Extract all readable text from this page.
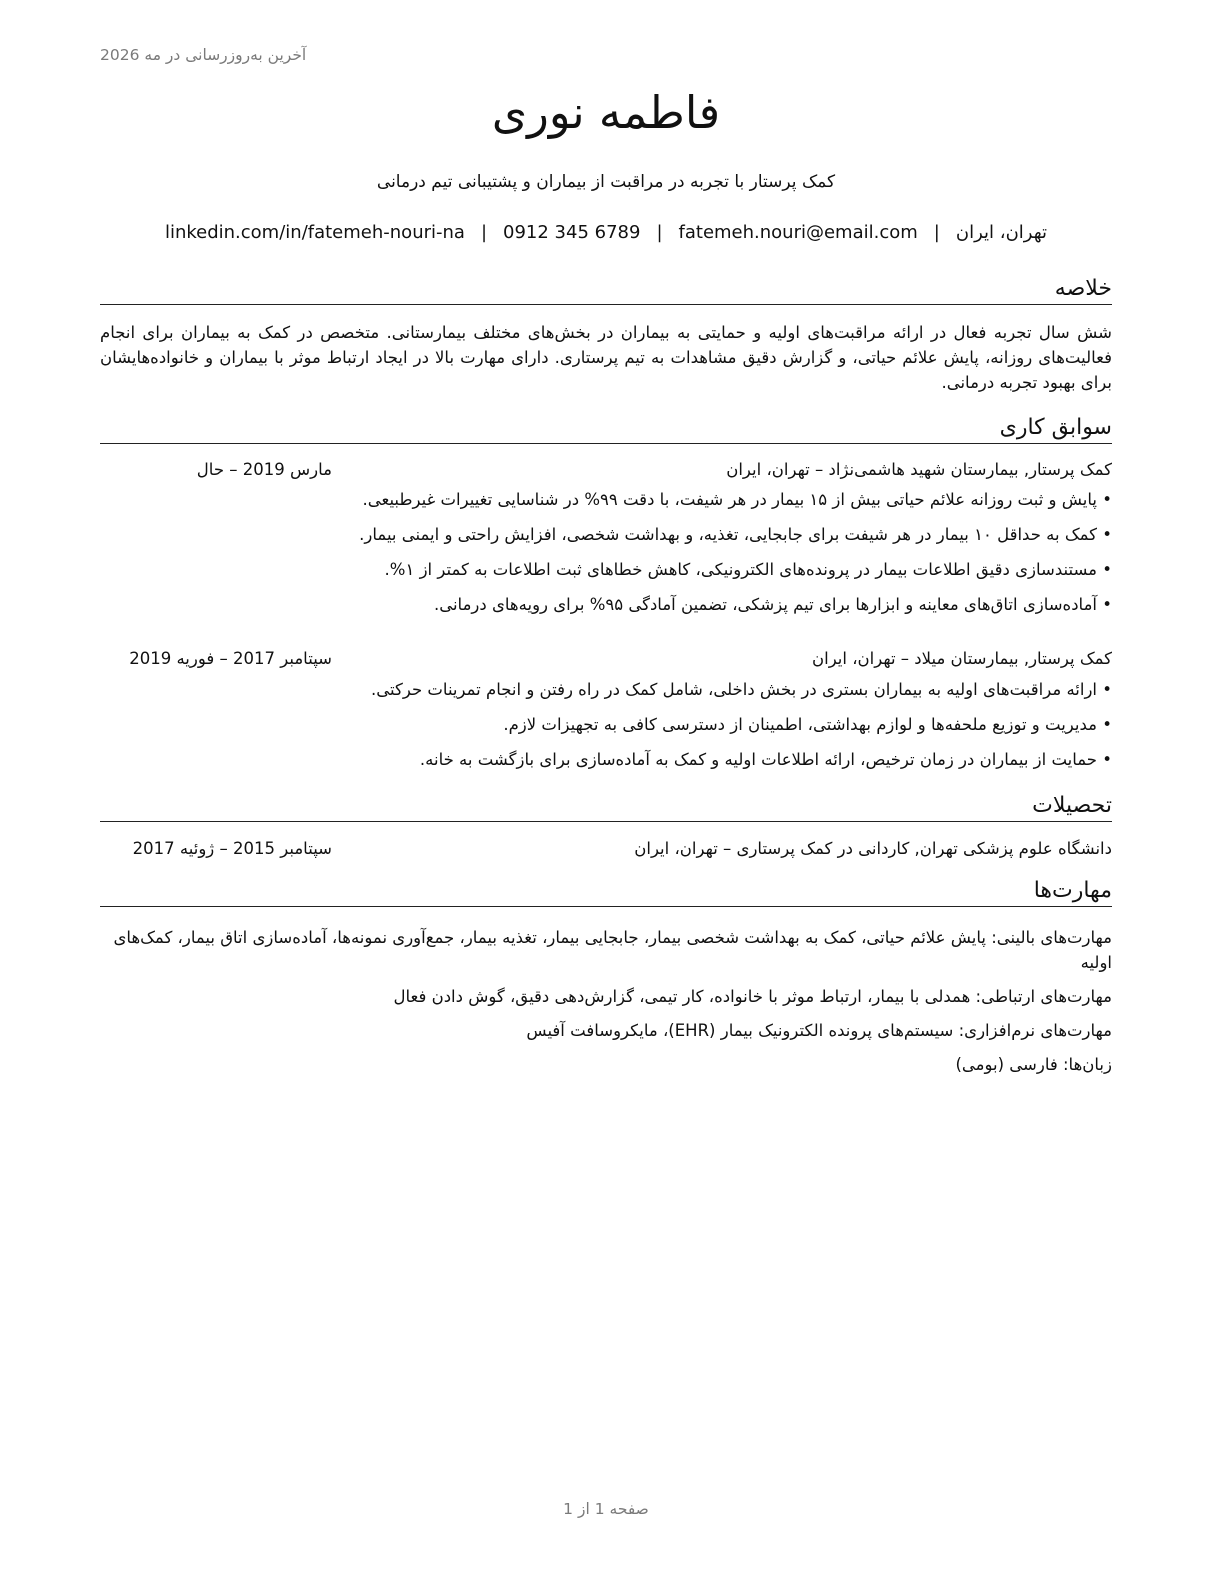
آخرین به‌روزرسانی در مه 2026
فاطمه نوری
کمک پرستار با تجربه در مراقبت از بیماران و پشتیبانی تیم درمانی
تهران، ایران|fatemeh.nouri@email.com|0912 345 6789|linkedin.com/in/fatemeh-nouri-na
خلاصه
شش سال تجربه فعال در ارائه مراقبت‌های اولیه و حمایتی به بیماران در بخش‌های مختلف بیمارستانی. متخصص در کمک به بیماران برای انجام فعالیت‌های روزانه، پایش علائم حیاتی، و گزارش دقیق مشاهدات به تیم پرستاری. دارای مهارت بالا در ایجاد ارتباط موثر با بیماران و خانواده‌هایشان برای بهبود تجربه درمانی.
سوابق کاری
کمک پرستار, بیمارستان شهید هاشمی‌نژاد – تهران، ایران
مارس 2019 – حال
• پایش و ثبت روزانه علائم حیاتی بیش از ۱۵ بیمار در هر شیفت، با دقت ۹۹% در شناسایی تغییرات غیرطبیعی.
• کمک به حداقل ۱۰ بیمار در هر شیفت برای جابجایی، تغذیه، و بهداشت شخصی، افزایش راحتی و ایمنی بیمار.
• مستندسازی دقیق اطلاعات بیمار در پرونده‌های الکترونیکی، کاهش خطاهای ثبت اطلاعات به کمتر از ۱%.
• آماده‌سازی اتاق‌های معاینه و ابزارها برای تیم پزشکی، تضمین آمادگی ۹۵% برای رویه‌های درمانی.
کمک پرستار, بیمارستان میلاد – تهران، ایران
سپتامبر 2017 – فوریه 2019
• ارائه مراقبت‌های اولیه به بیماران بستری در بخش داخلی، شامل کمک در راه رفتن و انجام تمرینات حرکتی.
• مدیریت و توزیع ملحفه‌ها و لوازم بهداشتی، اطمینان از دسترسی کافی به تجهیزات لازم.
• حمایت از بیماران در زمان ترخیص، ارائه اطلاعات اولیه و کمک به آماده‌سازی برای بازگشت به خانه.
تحصیلات
دانشگاه علوم پزشکی تهران, کاردانی در کمک پرستاری – تهران، ایران
سپتامبر 2015 – ژوئیه 2017
مهارت‌ها
مهارت‌های بالینی: پایش علائم حیاتی، کمک به بهداشت شخصی بیمار، جابجایی بیمار، تغذیه بیمار، جمع‌آوری نمونه‌ها، آماده‌سازی اتاق بیمار، کمک‌های اولیه
مهارت‌های ارتباطی: همدلی با بیمار، ارتباط موثر با خانواده، کار تیمی، گزارش‌دهی دقیق، گوش دادن فعال
مهارت‌های نرم‌افزاری: سیستم‌های پرونده الکترونیک بیمار (EHR)، مایکروسافت آفیس
زبان‌ها: فارسی (بومی)
صفحه 1 از 1
